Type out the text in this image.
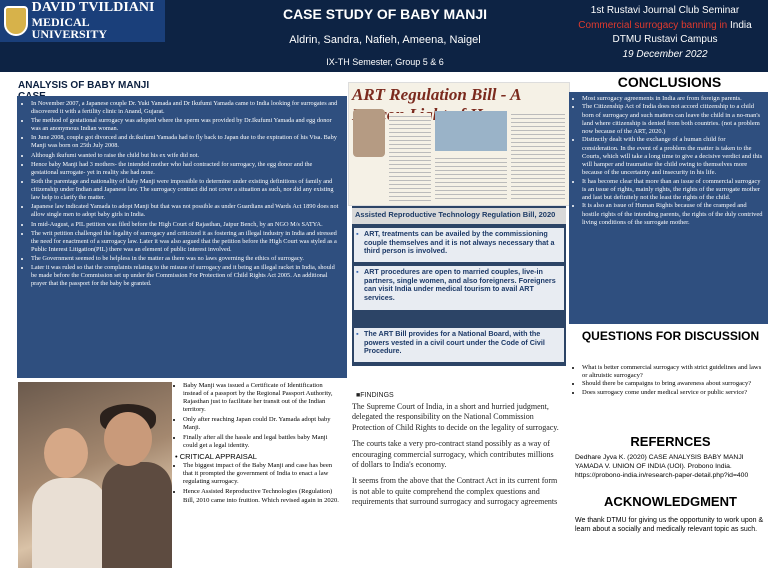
DAVID TVILDIANI
MEDICAL UNIVERSITY
CASE STUDY OF BABY MANJI
Aldrin, Sandra, Nafieh, Ameena, Naigel
IX-TH Semester, Group 5 & 6
1st Rustavi Journal Club Seminar
Commercial surrogacy banning in India
DTMU Rustavi Campus
19 December 2022
ANALYSIS OF BABY MANJI
• In November 2007, a Japanese couple Dr. Yuki Yamada and Dr Ikufumi Yamada came to India looking for surrogates and discovered it with a fertility clinic in Anand, Gujarat.
• The method of gestational surrogacy was adopted where the sperm was provided by Dr.Ikufumi Yamada and egg donor was an anonymous Indian woman.
• In June 2008, couple got divorced and dr.ikufumi Yamada had to fly back to Japan due to the expiration of his Visa. Baby Manji was born on 25th July 2008.
• Although ikufumi wanted to raise the child but his ex wife did not.
• Hence baby Manji had 3 mothers- the intended mother who had contracted for surrogacy, the egg donor and the gestational surrogate- yet in reality she had none.
• Both the parentage and nationality of baby Manji were impossible to determine under existing definitions of family and citizenship under Indian and Japanese law. The surrogacy contract did not cover a situation as such, nor did any existing law help to clarify the matter.
• Japanese law indicated Yamada to adopt Manji but that was not possible as under Guardians and Wards Act 1890 does not allow single men to adopt baby girls in India.
• In mid-August, a PIL petition was filed before the High Court of Rajasthan, Jaipur Bench, by an NGO M/s SATYA.
• The writ petition challenged the legality of surrogacy and criticized it as fostering an illegal industry in India and stressed the need for enactment of a surrogacy law. Later it was also argued that the petition before the High Court was styled as a Public Interest Litigation(PIL) there was an element of public interest involved.
• The Government seemed to be helpless in the matter as there was no laws governing the ethics of surrogacy.
• Later it was ruled so that the complaints relating to the misuse of surrogacy and it being an illegal racket in India, should be made before the Commission set up under the Commission For Protection of Child Rights Act 2005. An additional prayer that the passport for the baby be granted.
ART Regulation Bill - A
Assisted Reproductive Technology Regulation Bill, 2020
▪ ART, treatments can be availed by the commissioning couple themselves and it is not always necessary that a third person is involved.
▪ ART procedures are open to married couples, live-in partners, single women, and also foreigners. Foreigners can visit India under medical tourism to avail ART services.
▪ The ART Bill provides for a National Board, with the powers vested in a civil court under the Code of Civil Procedure.
CONCLUSIONS
• Most surrogacy agreements in India are from foreign parents.
• The Citizenship Act of India does not accord citizenship to a child born of surrogacy and such matters can leave the child in a no-man's land where citizenship is denied from both countries. (not a problem now because of the ART, 2020.)
• Distinctly dealt with the exchange of a human child for consideration. In the event of a problem the matter is taken to the Courts, which will take a long time to give a decisive verdict and this will hamper and traumatise the child owing to themselves more because of the uncertainty and insecurity in his life.
• It has become clear that more than an issue of commercial surrogacy is an issue of rights, mainly rights, the rights of the surrogate mother and last but definitely not the least the rights of the child.
• It is also an issue of Human Rights because of the cramped and hostile rights of the intending parents, the rights of the duly contrived living conditions of the surrogate mother.
QUESTIONS FOR DISCUSSION
• What is better commercial surrogacy with strict guidelines and laws or altruistic surrogacy?
• Should there be campaigns to bring awareness about surrogacy?
• Does surrogacy come under medical service or public service?
REFERNCES
Dedhare Jyva K. (2020) CASE ANALYSIS BABY MANJI YAMADA V. UNION OF INDIA (UOI). Probono India. https://probono-india.in/research-paper-detail.php?id=400
ACKNOWLEDGMENT
We thank DTMU for giving us the opportunity to work upon & learn about a socially and medically relevant topic as such.
• Baby Manji was issued a Certificate of Identification instead of a passport by the Regional Passport Authority, Rajasthan just to facilitate her transit out of the Indian territory.
• Only after reaching Japan could Dr. Yamada adopt baby Manji.
• Finally after all the hassle and legal battles baby Manji could get a legal identity.
• CRITICAL APPRAISAL
• The biggest impact of the Baby Manji and case has been that it prompted the government of India to enact a law regulating surrogacy.
• Hence Assisted Reproductive Technologies (Regulation) Bill, 2010 came into fruition. Which revised again in 2020.
■FINDINGS

The Supreme Court of India, in a short and hurried judgment, delegated the responsibility on the National Commission Protection of Child Rights to decide on the legality of surrogacy.

The courts take a very pro-contract stand possibly as a way of encouraging commercial surrogacy, which contributes millions of dollars to India's economy.

It seems from the above that the Contract Act in its current form is not able to quite comprehend the complex questions and requirements that surround surrogacy and surrogacy agreements
